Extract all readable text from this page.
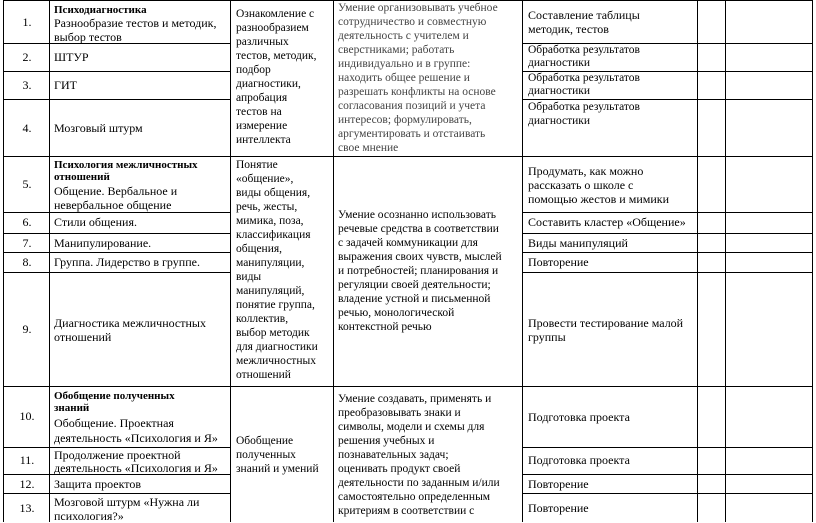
1.
2.
3.
4.
5.
6.
7.
8.
9.
10.
11.
12.
13.
Психодиагностика
Разнообразие тестов и методик,
выбор тестов
ШТУР
ГИТ
Мозговый штурм
Психология межличностных
отношений
Общение. Вербальное и
невербальное общение
Стили общения.
Манипулирование.
Группа. Лидерство в группе.
Диагностика межличностных
отношений
Обобщение полученных
знаний
Обобщение. Проектная
деятельность «Психология и Я»
Продолжение проектной
деятельность «Психология и Я»
Защита проектов
Мозговой штурм «Нужна ли
психология?»
Ознакомление с
разнообразием
различных
тестов, методик,
подбор
диагностики,
апробация
тестов на
измерение
интеллекта
Понятие
«общение»,
виды общения,
речь, жесты,
мимика, поза,
классификация
общения,
манипуляции,
виды
манипуляций,
понятие группа,
коллектив,
выбор методик
для диагностики
межличностных
отношений
Обобщение
полученных
знаний и умений
Умение организовывать учебное
сотрудничество и совместную
деятельность с учителем и
сверстниками; работать
индивидуально и в группе:
находить общее решение и
разрешать конфликты на основе
согласования позиций и учета
интересов; формулировать,
аргументировать и отстаивать
свое мнение
Умение осознанно использовать
речевые средства в соответствии
с задачей коммуникации для
выражения своих чувств, мыслей
и потребностей; планирования и
регуляции своей деятельности;
владение устной и письменной
речью, монологической
контекстной речью
Умение создавать, применять и
преобразовывать знаки и
символы, модели и схемы для
решения учебных и
познавательных задач;
оценивать продукт своей
деятельности по заданным и/или
самостоятельно определенным
критериям в соответствии с
Составление таблицы
методик, тестов
Обработка результатов
диагностики
Обработка результатов
диагностики
Обработка результатов
диагностики
Продумать, как можно
рассказать о школе с
помощью жестов и мимики
Составить кластер «Общение»
Виды манипуляций
Повторение
Провести тестирование малой
группы
Подготовка проекта
Подготовка проекта
Повторение
Повторение
